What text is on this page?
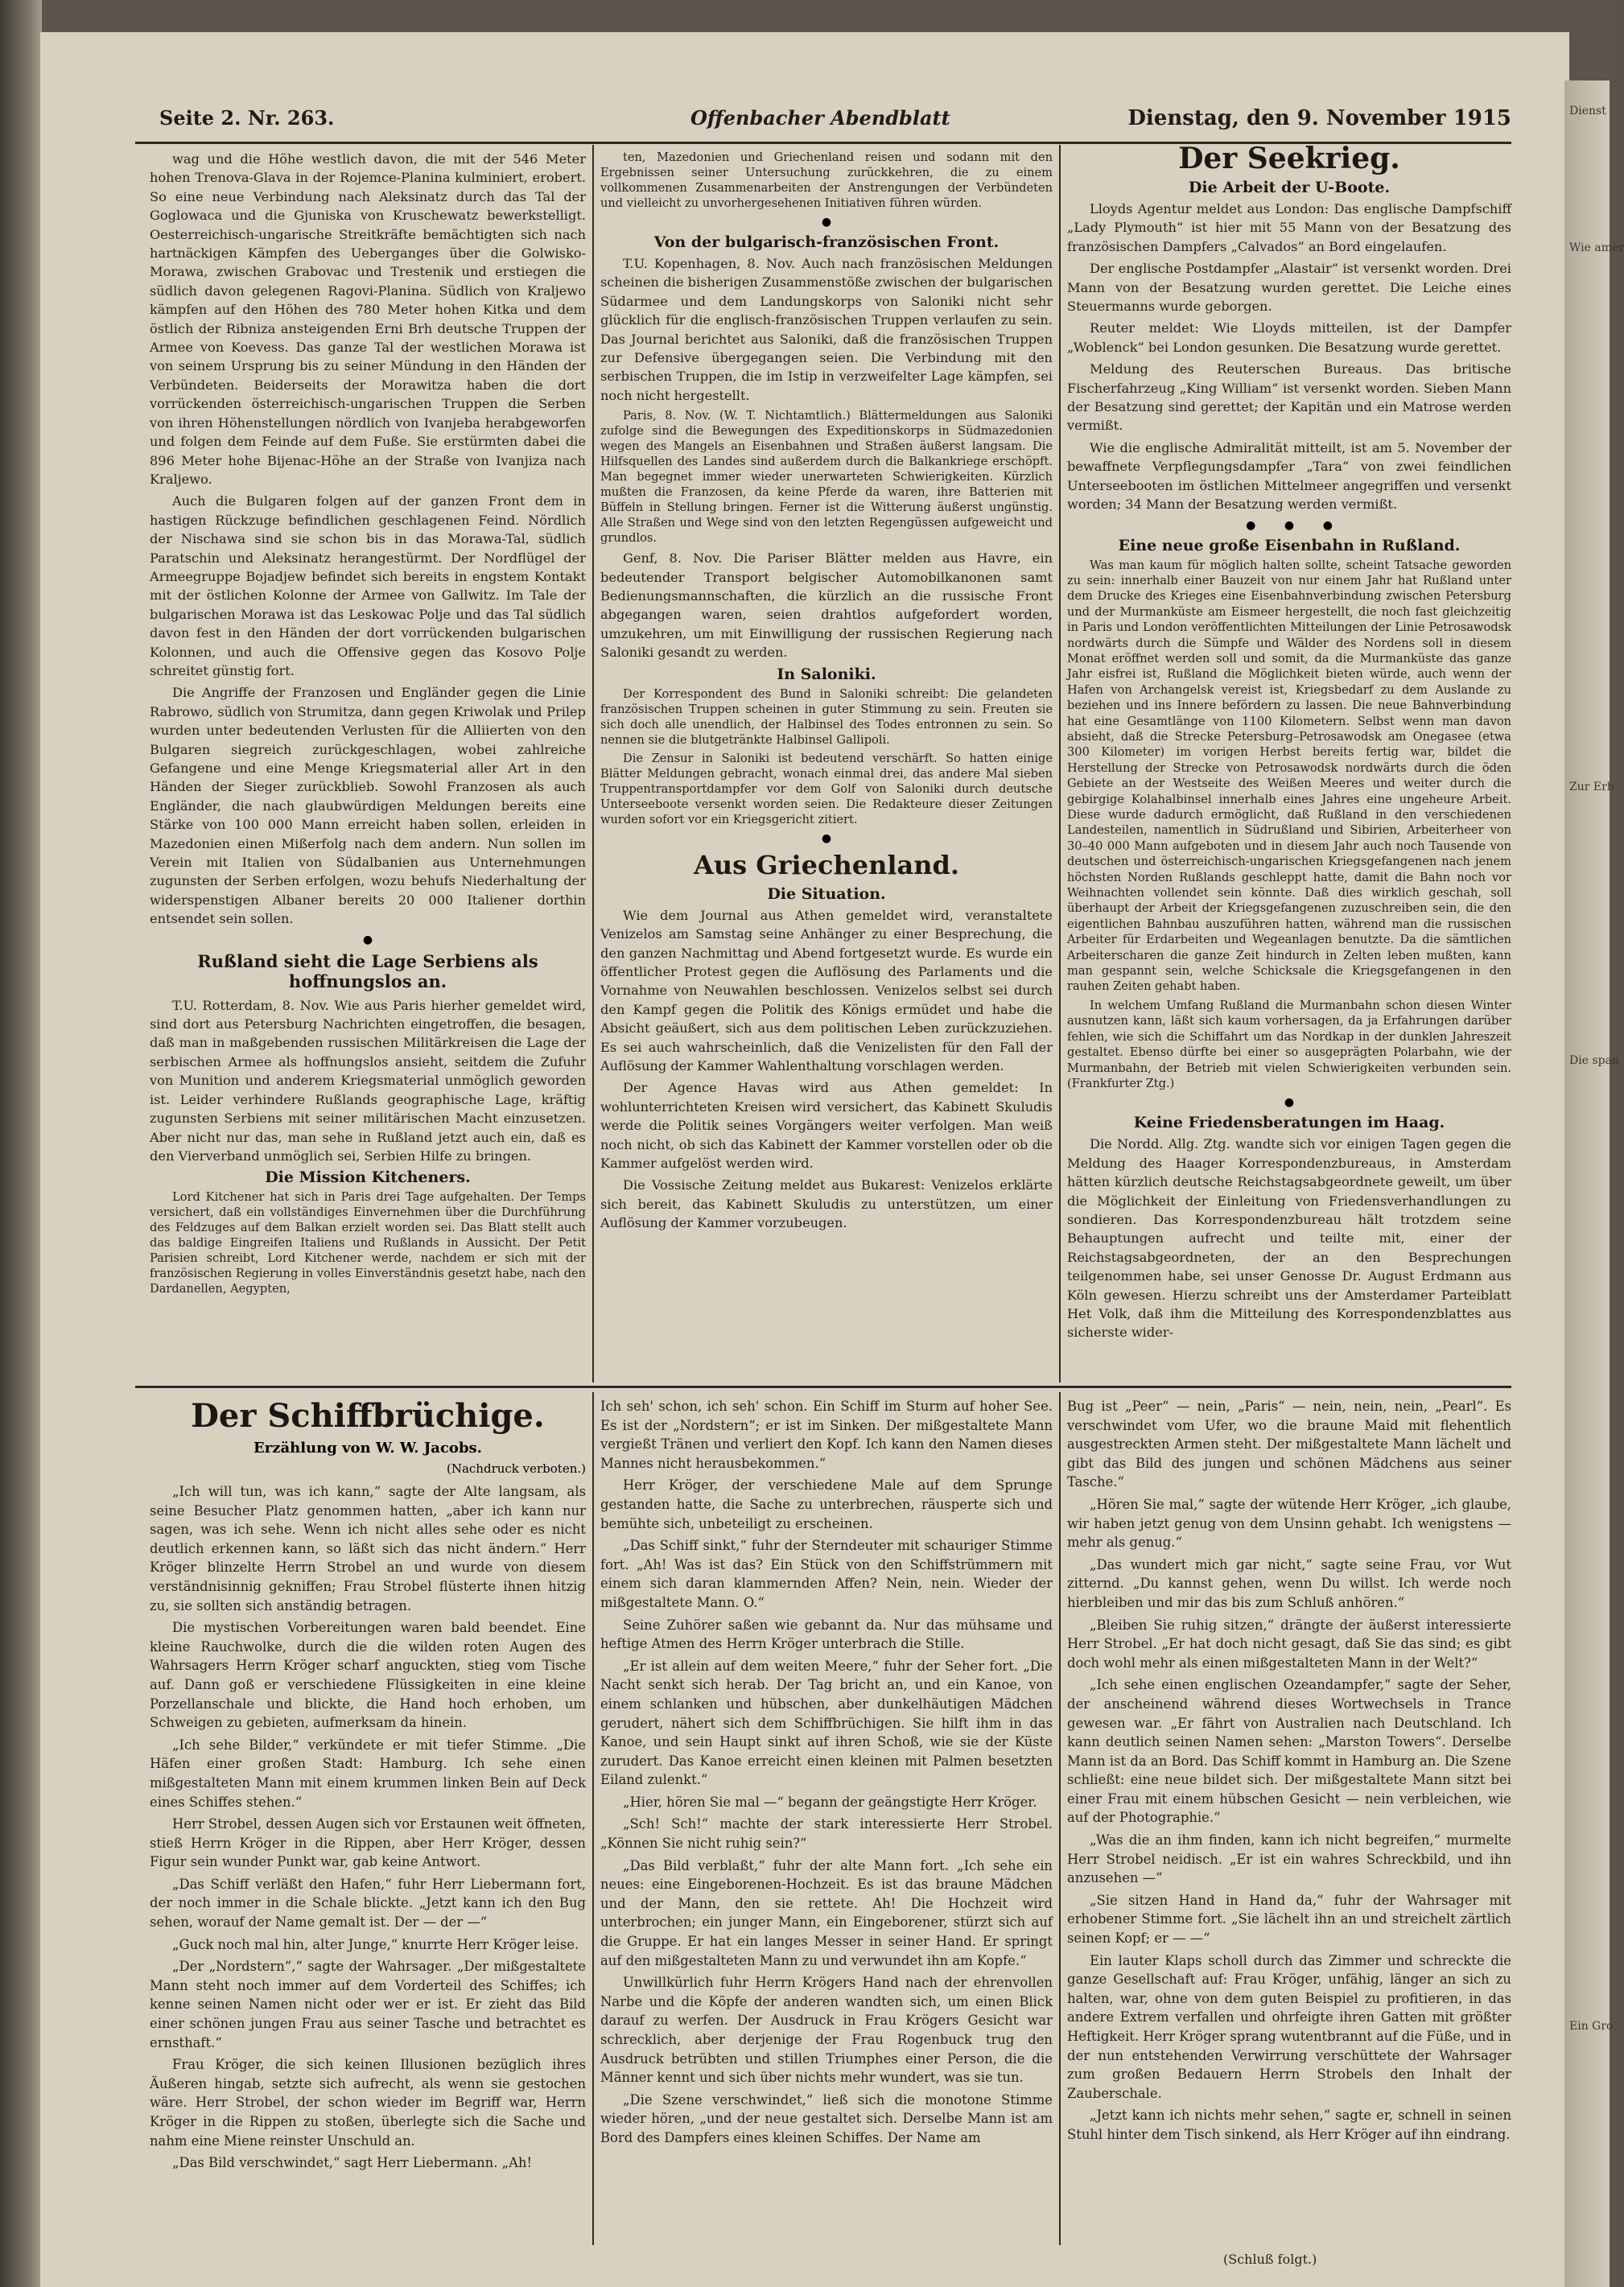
Dienst
Wie amer
Zur Erh
Die span
Ein Gro
Seite 2. Nr. 263.	Offenbacher Abendblatt	Dienstag, den 9. November 1915

wag und die Höhe westlich davon, die mit der 546 Meter hohen Trenova-Glava in der Rojemce-Planina kulminiert, erobert. So eine neue Verbindung nach Aleksinatz durch das Tal der Goglowaca und die Gjuniska von Kruschewatz bewerkstelligt. Oesterreichisch-ungarische Streitkräfte bemächtigten sich nach hartnäckigen Kämpfen des Ueberganges über die Golwisko-Morawa, zwischen Grabovac und Trestenik und erstiegen die südlich davon gelegenen Ragovi-Planina. Südlich von Kraljewo kämpfen auf den Höhen des 780 Meter hohen Kitka und dem östlich der Ribniza ansteigenden Erni Brh deutsche Truppen der Armee von Koevess. Das ganze Tal der westlichen Morawa ist von seinem Ursprung bis zu seiner Mündung in den Händen der Verbündeten. Beiderseits der Morawitza haben die dort vorrückenden österreichisch-ungarischen Truppen die Serben von ihren Höhenstellungen nördlich von Ivanjeba herabgeworfen und folgen dem Feinde auf dem Fuße. Sie erstürmten dabei die 896 Meter hohe Bijenac-Höhe an der Straße von Ivanjiza nach Kraljewo.

Auch die Bulgaren folgen auf der ganzen Front dem in hastigen Rückzuge befindlichen geschlagenen Feind. Nördlich der Nischawa sind sie schon bis in das Morawa-Tal, südlich Paratschin und Aleksinatz herangestürmt. Der Nordflügel der Armeegruppe Bojadjew befindet sich bereits in engstem Kontakt mit der östlichen Kolonne der Armee von Gallwitz. Im Tale der bulgarischen Morawa ist das Leskowac Polje und das Tal südlich davon fest in den Händen der dort vorrückenden bulgarischen Kolonnen, und auch die Offensive gegen das Kosovo Polje schreitet günstig fort.

Die Angriffe der Franzosen und Engländer gegen die Linie Rabrowo, südlich von Strumitza, dann gegen Kriwolak und Prilep wurden unter bedeutenden Verlusten für die Alliierten von den Bulgaren siegreich zurückgeschlagen, wobei zahlreiche Gefangene und eine Menge Kriegsmaterial aller Art in den Händen der Sieger zurückblieb. Sowohl Franzosen als auch Engländer, die nach glaubwürdigen Meldungen bereits eine Stärke von 100 000 Mann erreicht haben sollen, erleiden in Mazedonien einen Mißerfolg nach dem andern. Nun sollen im Verein mit Italien von Südalbanien aus Unternehmungen zugunsten der Serben erfolgen, wozu behufs Niederhaltung der widerspenstigen Albaner bereits 20 000 Italiener dorthin entsendet sein sollen.

●
Rußland sieht die Lage Serbiens als hoffnungslos an.

T.U. Rotterdam, 8. Nov. Wie aus Paris hierher gemeldet wird, sind dort aus Petersburg Nachrichten eingetroffen, die besagen, daß man in maßgebenden russischen Militärkreisen die Lage der serbischen Armee als hoffnungslos ansieht, seitdem die Zufuhr von Munition und anderem Kriegsmaterial unmöglich geworden ist. Leider verhindere Rußlands geographische Lage, kräftig zugunsten Serbiens mit seiner militärischen Macht einzusetzen. Aber nicht nur das, man sehe in Rußland jetzt auch ein, daß es den Vierverband unmöglich sei, Serbien Hilfe zu bringen.

Die Mission Kitcheners.

Lord Kitchener hat sich in Paris drei Tage aufgehalten. Der Temps versichert, daß ein vollständiges Einvernehmen über die Durchführung des Feldzuges auf dem Balkan erzielt worden sei. Das Blatt stellt auch das baldige Eingreifen Italiens und Rußlands in Aussicht. Der Petit Parisien schreibt, Lord Kitchener werde, nachdem er sich mit der französischen Regierung in volles Einverständnis gesetzt habe, nach den Dardanellen, Aegypten,

ten, Mazedonien und Griechenland reisen und sodann mit den Ergebnissen seiner Untersuchung zurückkehren, die zu einem vollkommenen Zusammenarbeiten der Anstrengungen der Verbündeten und vielleicht zu unvorhergesehenen Initiativen führen würden.

●
Von der bulgarisch-französischen Front.

T.U. Kopenhagen, 8. Nov. Auch nach französischen Meldungen scheinen die bisherigen Zusammenstöße zwischen der bulgarischen Südarmee und dem Landungskorps von Saloniki nicht sehr glücklich für die englisch-französischen Truppen verlaufen zu sein. Das Journal berichtet aus Saloniki, daß die französischen Truppen zur Defensive übergegangen seien. Die Verbindung mit den serbischen Truppen, die im Istip in verzweifelter Lage kämpfen, sei noch nicht hergestellt.

Paris, 8. Nov. (W. T. Nichtamtlich.) Blättermeldungen aus Saloniki zufolge sind die Bewegungen des Expeditionskorps in Südmazedonien wegen des Mangels an Eisenbahnen und Straßen äußerst langsam. Die Hilfsquellen des Landes sind außerdem durch die Balkankriege erschöpft. Man begegnet immer wieder unerwarteten Schwierigkeiten. Kürzlich mußten die Franzosen, da keine Pferde da waren, ihre Batterien mit Büffeln in Stellung bringen. Ferner ist die Witterung äußerst ungünstig. Alle Straßen und Wege sind von den letzten Regengüssen aufgeweicht und grundlos.

Genf, 8. Nov. Die Pariser Blätter melden aus Havre, ein bedeutender Transport belgischer Automobilkanonen samt Bedienungsmannschaften, die kürzlich an die russische Front abgegangen waren, seien drahtlos aufgefordert worden, umzukehren, um mit Einwilligung der russischen Regierung nach Saloniki gesandt zu werden.

In Saloniki.

Der Korrespondent des Bund in Saloniki schreibt: Die gelandeten französischen Truppen scheinen in guter Stimmung zu sein. Freuten sie sich doch alle unendlich, der Halbinsel des Todes entronnen zu sein. So nennen sie die blutgetränkte Halbinsel Gallipoli.

Die Zensur in Saloniki ist bedeutend verschärft. So hatten einige Blätter Meldungen gebracht, wonach einmal drei, das andere Mal sieben Truppentransportdampfer vor dem Golf von Saloniki durch deutsche Unterseeboote versenkt worden seien. Die Redakteure dieser Zeitungen wurden sofort vor ein Kriegsgericht zitiert.

●
Aus Griechenland.
Die Situation.

Wie dem Journal aus Athen gemeldet wird, veranstaltete Venizelos am Samstag seine Anhänger zu einer Besprechung, die den ganzen Nachmittag und Abend fortgesetzt wurde. Es wurde ein öffentlicher Protest gegen die Auflösung des Parlaments und die Vornahme von Neuwahlen beschlossen. Venizelos selbst sei durch den Kampf gegen die Politik des Königs ermüdet und habe die Absicht geäußert, sich aus dem politischen Leben zurückzuziehen. Es sei auch wahrscheinlich, daß die Venizelisten für den Fall der Auflösung der Kammer Wahlenthaltung vorschlagen werden.

Der Agence Havas wird aus Athen gemeldet: In wohlunterrichteten Kreisen wird versichert, das Kabinett Skuludis werde die Politik seines Vorgängers weiter verfolgen. Man weiß noch nicht, ob sich das Kabinett der Kammer vorstellen oder ob die Kammer aufgelöst werden wird.

Die Vossische Zeitung meldet aus Bukarest: Venizelos erklärte sich bereit, das Kabinett Skuludis zu unterstützen, um einer Auflösung der Kammer vorzubeugen.

Der Seekrieg.
Die Arbeit der U-Boote.

Lloyds Agentur meldet aus London: Das englische Dampfschiff „Lady Plymouth“ ist hier mit 55 Mann von der Besatzung des französischen Dampfers „Calvados“ an Bord eingelaufen.

Der englische Postdampfer „Alastair“ ist versenkt worden. Drei Mann von der Besatzung wurden gerettet. Die Leiche eines Steuermanns wurde geborgen.

Reuter meldet: Wie Lloyds mitteilen, ist der Dampfer „Woblenck“ bei London gesunken. Die Besatzung wurde gerettet.

Meldung des Reuterschen Bureaus. Das britische Fischerfahrzeug „King William“ ist versenkt worden. Sieben Mann der Besatzung sind gerettet; der Kapitän und ein Matrose werden vermißt.

Wie die englische Admiralität mitteilt, ist am 5. November der bewaffnete Verpflegungsdampfer „Tara“ von zwei feindlichen Unterseebooten im östlichen Mittelmeer angegriffen und versenkt worden; 34 Mann der Besatzung werden vermißt.

●        ●        ●
Eine neue große Eisenbahn in Rußland.

Was man kaum für möglich halten sollte, scheint Tatsache geworden zu sein: innerhalb einer Bauzeit von nur einem Jahr hat Rußland unter dem Drucke des Krieges eine Eisenbahnverbindung zwischen Petersburg und der Murmanküste am Eismeer hergestellt, die noch fast gleichzeitig in Paris und London veröffentlichten Mitteilungen der Linie Petrosawodsk nordwärts durch die Sümpfe und Wälder des Nordens soll in diesem Monat eröffnet werden soll und somit, da die Murmanküste das ganze Jahr eisfrei ist, Rußland die Möglichkeit bieten würde, auch wenn der Hafen von Archangelsk vereist ist, Kriegsbedarf zu dem Auslande zu beziehen und ins Innere befördern zu lassen. Die neue Bahnverbindung hat eine Gesamtlänge von 1100 Kilometern. Selbst wenn man davon absieht, daß die Strecke Petersburg–Petrosawodsk am Onegasee (etwa 300 Kilometer) im vorigen Herbst bereits fertig war, bildet die Herstellung der Strecke von Petrosawodsk nordwärts durch die öden Gebiete an der Westseite des Weißen Meeres und weiter durch die gebirgige Kolahalbinsel innerhalb eines Jahres eine ungeheure Arbeit. Diese wurde dadurch ermöglicht, daß Rußland in den verschiedenen Landesteilen, namentlich in Südrußland und Sibirien, Arbeiterheer von 30–40 000 Mann aufgeboten und in diesem Jahr auch noch Tausende von deutschen und österreichisch-ungarischen Kriegsgefangenen nach jenem höchsten Norden Rußlands geschleppt hatte, damit die Bahn noch vor Weihnachten vollendet sein könnte. Daß dies wirklich geschah, soll überhaupt der Arbeit der Kriegsgefangenen zuzuschreiben sein, die den eigentlichen Bahnbau auszuführen hatten, während man die russischen Arbeiter für Erdarbeiten und Wegeanlagen benutzte. Da die sämtlichen Arbeiterscharen die ganze Zeit hindurch in Zelten leben mußten, kann man gespannt sein, welche Schicksale die Kriegsgefangenen in den rauhen Zeiten gehabt haben.

In welchem Umfang Rußland die Murmanbahn schon diesen Winter ausnutzen kann, läßt sich kaum vorhersagen, da ja Erfahrungen darüber fehlen, wie sich die Schiffahrt um das Nordkap in der dunklen Jahreszeit gestaltet. Ebenso dürfte bei einer so ausgeprägten Polarbahn, wie der Murmanbahn, der Betrieb mit vielen Schwierigkeiten verbunden sein. (Frankfurter Ztg.)

●
Keine Friedensberatungen im Haag.

Die Nordd. Allg. Ztg. wandte sich vor einigen Tagen gegen die Meldung des Haager Korrespondenzbureaus, in Amsterdam hätten kürzlich deutsche Reichstagsabgeordnete geweilt, um über die Möglichkeit der Einleitung von Friedensverhandlungen zu sondieren. Das Korrespondenzbureau hält trotzdem seine Behauptungen aufrecht und teilte mit, einer der Reichstagsabgeordneten, der an den Besprechungen teilgenommen habe, sei unser Genosse Dr. August Erdmann aus Köln gewesen. Hierzu schreibt uns der Amsterdamer Parteiblatt Het Volk, daß ihm die Mitteilung des Korrespondenzblattes aus sicherste wider-

Der Schiffbrüchige.
Erzählung von W. W. Jacobs.
(Nachdruck verboten.)

„Ich will tun, was ich kann,“ sagte der Alte langsam, als seine Besucher Platz genommen hatten, „aber ich kann nur sagen, was ich sehe. Wenn ich nicht alles sehe oder es nicht deutlich erkennen kann, so läßt sich das nicht ändern.“ Herr Kröger blinzelte Herrn Strobel an und wurde von diesem verständnisinnig gekniffen; Frau Strobel flüsterte ihnen hitzig zu, sie sollten sich anständig betragen.

Die mystischen Vorbereitungen waren bald beendet. Eine kleine Rauchwolke, durch die die wilden roten Augen des Wahrsagers Herrn Kröger scharf anguckten, stieg vom Tische auf. Dann goß er verschiedene Flüssigkeiten in eine kleine Porzellanschale und blickte, die Hand hoch erhoben, um Schweigen zu gebieten, aufmerksam da hinein.

„Ich sehe Bilder,“ verkündete er mit tiefer Stimme. „Die Häfen einer großen Stadt: Hamburg. Ich sehe einen mißgestalteten Mann mit einem krummen linken Bein auf Deck eines Schiffes stehen.“

Herr Strobel, dessen Augen sich vor Erstaunen weit öffneten, stieß Herrn Kröger in die Rippen, aber Herr Kröger, dessen Figur sein wunder Punkt war, gab keine Antwort.

„Das Schiff verläßt den Hafen,“ fuhr Herr Liebermann fort, der noch immer in die Schale blickte. „Jetzt kann ich den Bug sehen, worauf der Name gemalt ist. Der — der —“

„Guck noch mal hin, alter Junge,“ knurrte Herr Kröger leise.

„Der „Nordstern“,“ sagte der Wahrsager. „Der mißgestaltete Mann steht noch immer auf dem Vorderteil des Schiffes; ich kenne seinen Namen nicht oder wer er ist. Er zieht das Bild einer schönen jungen Frau aus seiner Tasche und betrachtet es ernsthaft.“

Frau Kröger, die sich keinen Illusionen bezüglich ihres Äußeren hingab, setzte sich aufrecht, als wenn sie gestochen wäre. Herr Strobel, der schon wieder im Begriff war, Herrn Kröger in die Rippen zu stoßen, überlegte sich die Sache und nahm eine Miene reinster Unschuld an.

„Das Bild verschwindet,“ sagt Herr Liebermann. „Ah!

Ich seh' schon, ich seh' schon. Ein Schiff im Sturm auf hoher See. Es ist der „Nordstern“; er ist im Sinken. Der mißgestaltete Mann vergießt Tränen und verliert den Kopf. Ich kann den Namen dieses Mannes nicht herausbekommen.“

Herr Kröger, der verschiedene Male auf dem Sprunge gestanden hatte, die Sache zu unterbrechen, räusperte sich und bemühte sich, unbeteiligt zu erscheinen.

„Das Schiff sinkt,“ fuhr der Sterndeuter mit schauriger Stimme fort. „Ah! Was ist das? Ein Stück von den Schiffstrümmern mit einem sich daran klammernden Affen? Nein, nein. Wieder der mißgestaltete Mann. O.“

Seine Zuhörer saßen wie gebannt da. Nur das mühsame und heftige Atmen des Herrn Kröger unterbrach die Stille.

„Er ist allein auf dem weiten Meere,“ fuhr der Seher fort. „Die Nacht senkt sich herab. Der Tag bricht an, und ein Kanoe, von einem schlanken und hübschen, aber dunkelhäutigen Mädchen gerudert, nähert sich dem Schiffbrüchigen. Sie hilft ihm in das Kanoe, und sein Haupt sinkt auf ihren Schoß, wie sie der Küste zurudert. Das Kanoe erreicht einen kleinen mit Palmen besetzten Eiland zulenkt.“

„Hier, hören Sie mal —“ begann der geängstigte Herr Kröger.

„Sch! Sch!“ machte der stark interessierte Herr Strobel. „Können Sie nicht ruhig sein?“

„Das Bild verblaßt,“ fuhr der alte Mann fort. „Ich sehe ein neues: eine Eingeborenen-Hochzeit. Es ist das braune Mädchen und der Mann, den sie rettete. Ah! Die Hochzeit wird unterbrochen; ein junger Mann, ein Eingeborener, stürzt sich auf die Gruppe. Er hat ein langes Messer in seiner Hand. Er springt auf den mißgestalteten Mann zu und verwundet ihn am Kopfe.“

Unwillkürlich fuhr Herrn Krögers Hand nach der ehrenvollen Narbe und die Köpfe der anderen wandten sich, um einen Blick darauf zu werfen. Der Ausdruck in Frau Krögers Gesicht war schrecklich, aber derjenige der Frau Rogenbuck trug den Ausdruck betrübten und stillen Triumphes einer Person, die die Männer kennt und sich über nichts mehr wundert, was sie tun.

„Die Szene verschwindet,“ ließ sich die monotone Stimme wieder hören, „und der neue gestaltet sich. Derselbe Mann ist am Bord des Dampfers eines kleinen Schiffes. Der Name am

Bug ist „Peer“ — nein, „Paris“ — nein, nein, nein, „Pearl“. Es verschwindet vom Ufer, wo die braune Maid mit flehentlich ausgestreckten Armen steht. Der mißgestaltete Mann lächelt und gibt das Bild des jungen und schönen Mädchens aus seiner Tasche.“

„Hören Sie mal,“ sagte der wütende Herr Kröger, „ich glaube, wir haben jetzt genug von dem Unsinn gehabt. Ich wenigstens — mehr als genug.“

„Das wundert mich gar nicht,“ sagte seine Frau, vor Wut zitternd. „Du kannst gehen, wenn Du willst. Ich werde noch hierbleiben und mir das bis zum Schluß anhören.“

„Bleiben Sie ruhig sitzen,“ drängte der äußerst interessierte Herr Strobel. „Er hat doch nicht gesagt, daß Sie das sind; es gibt doch wohl mehr als einen mißgestalteten Mann in der Welt?“

„Ich sehe einen englischen Ozeandampfer,“ sagte der Seher, der anscheinend während dieses Wortwechsels in Trance gewesen war. „Er fährt von Australien nach Deutschland. Ich kann deutlich seinen Namen sehen: „Marston Towers“. Derselbe Mann ist da an Bord. Das Schiff kommt in Hamburg an. Die Szene schließt: eine neue bildet sich. Der mißgestaltete Mann sitzt bei einer Frau mit einem hübschen Gesicht — nein verbleichen, wie auf der Photographie.“

„Was die an ihm finden, kann ich nicht begreifen,“ murmelte Herr Strobel neidisch. „Er ist ein wahres Schreckbild, und ihn anzusehen —“

„Sie sitzen Hand in Hand da,“ fuhr der Wahrsager mit erhobener Stimme fort. „Sie lächelt ihn an und streichelt zärtlich seinen Kopf; er — —“

Ein lauter Klaps scholl durch das Zimmer und schreckte die ganze Gesellschaft auf: Frau Kröger, unfähig, länger an sich zu halten, war, ohne von dem guten Beispiel zu profitieren, in das andere Extrem verfallen und ohrfeigte ihren Gatten mit größter Heftigkeit. Herr Kröger sprang wutentbrannt auf die Füße, und in der nun entstehenden Verwirrung verschüttete der Wahrsager zum großen Bedauern Herrn Strobels den Inhalt der Zauberschale.

„Jetzt kann ich nichts mehr sehen,“ sagte er, schnell in seinen Stuhl hinter dem Tisch sinkend, als Herr Kröger auf ihn eindrang.

(Schluß folgt.)
